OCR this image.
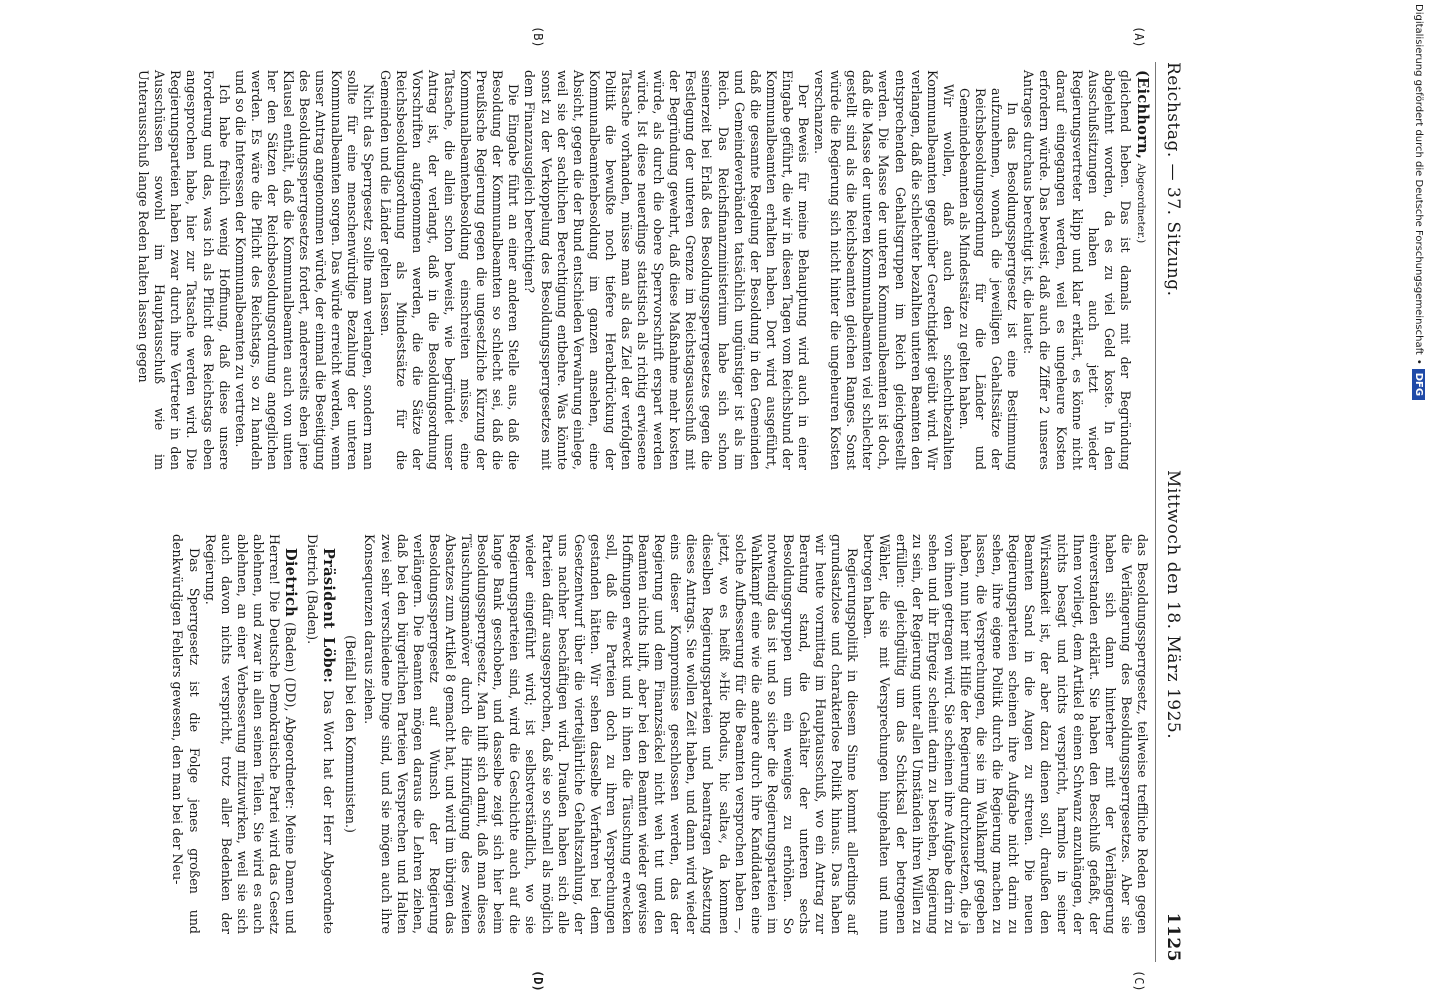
Reichstag. — 37. Sitzung.
Mittwoch den 18. März 1925.
1125
(A)
(B)
(C)
(D)

(Eichhorn, Abgeordneter.)

gleichend heben. Das ist damals mit der Begründung abgelehnt worden, da es zu viel Geld koste. In den Ausschußsitzungen haben auch jetzt wieder Regierungsvertreter klipp und klar erklärt, es könne nicht darauf eingegangen werden, weil es ungeheure Kosten erfordern würde. Das beweist, daß auch die Ziffer 2 unseres Antrages durchaus berechtigt ist, die lautet:

In das Besoldungssperrgesetz ist eine Bestimmung aufzunehmen, wonach die jeweiligen Gehaltssätze der Reichsbesoldungsordnung für die Länder und Gemeindebeamten als Mindestsätze zu gelten haben.

Wir wollen, daß auch den schlechtbezahlten Kommunalbeamten gegenüber Gerechtigkeit geübt wird. Wir verlangen, daß die schlechter bezahlten unteren Beamten den entsprechenden Gehaltsgruppen im Reich gleichgestellt werden. Die Masse der unteren Kommunalbeamten ist doch, daß die Masse der unteren Kommunalbeamten viel schlechter gestellt sind als die Reichsbeamten gleichen Ranges. Sonst würde die Regierung sich nicht hinter die ungeheuren Kosten verschanzen.

Der Beweis für meine Behauptung wird auch in einer Eingabe geführt, die wir in diesen Tagen vom Reichsbund der Kommunalbeamten erhalten haben. Dort wird ausgeführt, daß die gesamte Regelung der Besoldung in den Gemeinden und Gemeindeverbänden tatsächlich ungünstiger ist als im Reich. Das Reichsfinanzministerium habe sich schon seinerzeit bei Erlaß des Besoldungssperrgesetzes gegen die Festlegung der unteren Grenze im Reichstagsausschuß mit der Begründung gewehrt, daß diese Maßnahme mehr kosten würde, als durch die obere Sperrvorschrift erspart werden würde. Ist diese neuerdings statistisch als richtig erwiesene Tatsache vorhanden, müsse man als das Ziel der verfolgten Politik die bewußte noch tiefere Herabdrückung der Kommunalbeamtenbesoldung im ganzen ansehen, eine Absicht, gegen die der Bund entschieden Verwahrung einlege, weil sie der sachlichen Berechtigung entbehre. Was könnte sonst zu der Verkoppelung des Besoldungssperrgesetzes mit dem Finanzausgleich berechtigen?

Die Eingabe führt an einer anderen Stelle aus, daß die Besoldung der Kommunalbeamten so schlecht sei, daß die Preußische Regierung gegen die ungesetzliche Kürzung der Kommunalbeamtenbesoldung einschreiten müsse, eine Tatsache, die allein schon beweist, wie begründet unser Antrag ist, der verlangt, daß in die Besoldungsordnung Vorschriften aufgenommen werden, die die Sätze der Reichsbesoldungsordnung als Mindestsätze für die Gemeinden und die Länder gelten lassen.

Nicht das Sperrgesetz sollte man verlangen, sondern man sollte für eine menschenwürdige Bezahlung der unteren Kommunalbeamten sorgen. Das würde erreicht werden, wenn unser Antrag angenommen würde, der einmal die Beseitigung des Besoldungssperrgesetzes fordert, andererseits eben jene Klausel enthält, daß die Kommunalbeamten auch von unten her den Sätzen der Reichsbesoldungsordnung angeglichen werden. Es wäre die Pflicht des Reichstags, so zu handeln und so die Interessen der Kommunalbeamten zu vertreten.

Ich habe freilich wenig Hoffnung, daß diese unsere Forderung und das, was ich als Pflicht des Reichstags eben angesprochen habe, hier zur Tatsache werden wird. Die Regierungsparteien haben zwar durch ihre Vertreter in den Ausschüssen sowohl im Hauptausschuß wie im Unterausschuß lange Reden halten lassen gegen

das Besoldungssperrgesetz, teilweise treffliche Reden gegen die Verlängerung des Besoldungssperrgesetzes. Aber sie haben sich dann hinterher mit der Verlängerung einverstanden erklärt. Sie haben den Beschluß gefaßt, der Ihnen vorliegt, dem Artikel 8 einen Schwanz anzuhängen, der nichts besagt und nichts verspricht, harmlos in seiner Wirksamkeit ist, der aber dazu dienen soll, draußen den Beamten Sand in die Augen zu streuen. Die neuen Regierungsparteien scheinen ihre Aufgabe nicht darin zu sehen, ihre eigene Politik durch die Regierung machen zu lassen, die Versprechungen, die sie im Wahlkampf gegeben haben, nun hier mit Hilfe der Regierung durchzusetzen, die ja von ihnen getragen wird. Sie scheinen ihre Aufgabe darin zu sehen und ihr Ehrgeiz scheint darin zu bestehen, Regierung zu sein, der Regierung unter allen Umständen ihren Willen zu erfüllen: gleichgültig um das Schicksal der betrogenen Wähler, die sie mit Versprechungen hingehalten und nun betrogen haben.

Regierungspolitik in diesem Sinne kommt allerdings auf grundsatzlose und charakterlose Politik hinaus. Das haben wir heute vormittag im Hauptausschuß, wo ein Antrag zur Beratung stand, die Gehälter der unteren sechs Besoldungsgruppen um ein weniges zu erhöhen. So notwendig das ist und so sicher die Regierungsparteien im Wahlkampf eine wie die andere durch ihre Kandidaten eine solche Aufbesserung für die Beamten versprochen haben —, jetzt, wo es heißt »Hic Rhodus, hic salta«, da kommen dieselben Regierungsparteien und beantragen Absetzung dieses Antrags. Sie wollen Zeit haben, und dann wird wieder eins dieser Kompromisse geschlossen werden, das der Regierung und dem Finanzsäckel nicht weh tut und den Beamten nichts hilft, aber bei den Beamten wieder gewisse Hoffnungen erweckt und in ihnen die Täuschung erwecken soll, daß die Parteien doch zu ihren Versprechungen gestanden hätten. Wir sehen dasselbe Verfahren bei dem Gesetzentwurf über die vierteljährliche Gehaltszahlung, der uns nachher beschäftigen wird. Draußen haben sich alle Parteien dafür ausgesprochen, daß sie so schnell als möglich wieder eingeführt wird; ist selbstverständlich, wo sie Regierungsparteien sind, wird die Geschichte auch auf die lange Bank geschoben, und dasselbe zeigt sich hier beim Besoldungssperrgesetz. Man hilft sich damit, daß man dieses Täuschungsmanöver durch die Hinzufügung des zweiten Absatzes zum Artikel 8 gemacht hat, und wird im übrigen das Besoldungssperrgesetz auf Wunsch der Regierung verlängern. Die Beamten mögen daraus die Lehren ziehen, daß bei den bürgerlichen Parteien Versprechen und Halten zwei sehr verschiedene Dinge sind, und sie mögen auch ihre Konsequenzen daraus ziehen.

(Beifall bei den Kommunisten.)

Präsident Löbe: Das Wort hat der Herr Abgeordnete Dietrich (Baden).

Dietrich (Baden) (DD), Abgeordneter: Meine Damen und Herren! Die Deutsche Demokratische Partei wird das Gesetz ablehnen, und zwar in allen seinen Teilen. Sie wird es auch ablehnen, an einer Verbesserung mitzuwirken, weil sie sich auch davon nichts verspricht, trotz aller Bedenken der Regierung.

Das Sperrgesetz ist die Folge jenes großen und denkwürdigen Fehlers gewesen, den man bei der Neu-

Digitalisierung gefördert durch die Deutsche Forschungsgemeinschaft
•
DFG
